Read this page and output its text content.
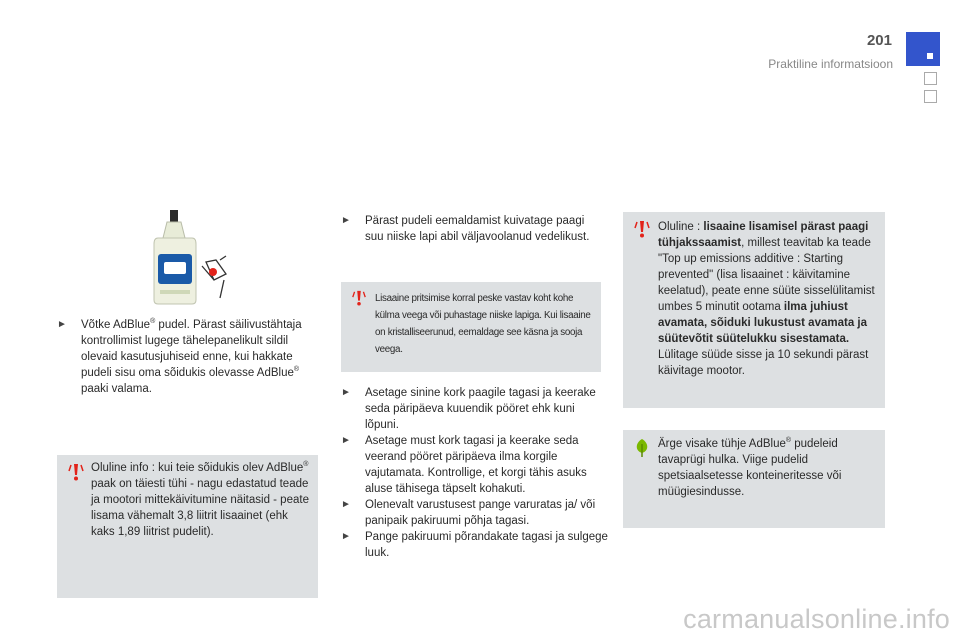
201
Praktiline informatsioon
► Võtke AdBlue® pudel. Pärast säilivustähtaja kontrollimist lugege tähelepanelikult sildil olevaid kasutusjuhiseid enne, kui hakkate pudeli sisu oma sõidukis olevasse AdBlue® paaki valama.
Oluline info : kui teie sõidukis olev AdBlue® paak on täiesti tühi - nagu edastatud teade ja mootori mittekäivitumine näitasid - peate lisama vähemalt 3,8 liitrit lisaainet (ehk kaks 1,89 liitrist pudelit).
► Pärast pudeli eemaldamist kuivatage paagi suu niiske lapi abil väljavoolanud vedelikust.
Lisaaine pritsimise korral peske vastav koht kohe külma veega või puhastage niiske lapiga. Kui lisaaine on kristalliseerunud, eemaldage see käsna ja sooja veega.
► Asetage sinine kork paagile tagasi ja keerake seda päripäeva kuuendik pööret ehk kuni lõpuni.
► Asetage must kork tagasi ja keerake seda veerand pööret päripäeva ilma korgile vajutamata. Kontrollige, et korgi tähis asuks aluse tähisega täpselt kohakuti.
► Olenevalt varustusest pange varuratas ja/ või panipaik pakiruumi põhja tagasi.
► Pange pakiruumi põrandakate tagasi ja sulgege luuk.
Oluline : lisaaine lisamisel pärast paagi tühjakssaamist, millest teavitab ka teade "Top up emissions additive : Starting prevented" (lisa lisaainet : käivitamine keelatud), peate enne süüte sisselülitamist umbes 5 minutit ootama ilma juhiust avamata, sõiduki lukustust avamata ja süütevõtit süütelukku sisestamata.
Lülitage süüde sisse ja 10 sekundi pärast käivitage mootor.
Ärge visake tühje AdBlue® pudeleid tavaprügi hulka. Viige pudelid spetsiaalsetesse konteineritesse või müügiesindusse.
carmanualsonline.info
